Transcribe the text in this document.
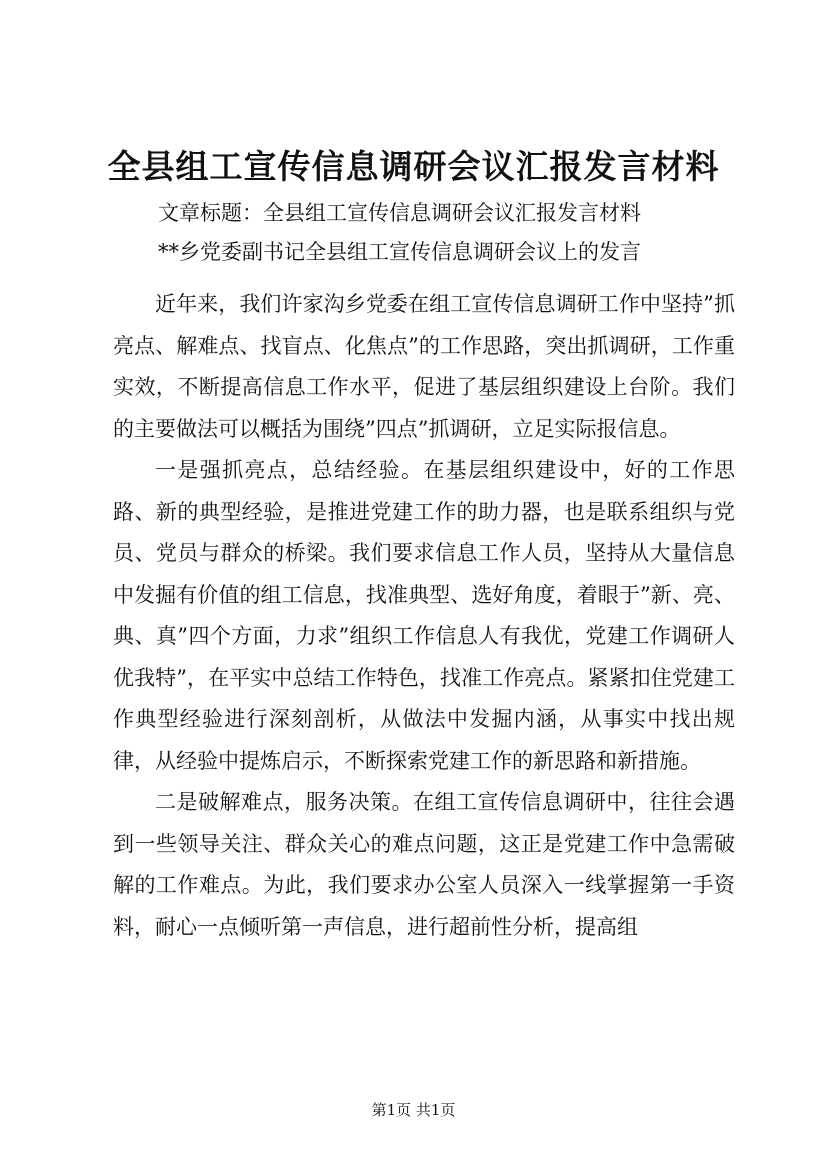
全县组工宣传信息调研会议汇报发言材料

文章标题：全县组工宣传信息调研会议汇报发言材料

**乡党委副书记全县组工宣传信息调研会议上的发言

近年来，我们许家沟乡党委在组工宣传信息调研工作中坚持”抓亮点、解难点、找盲点、化焦点”的工作思路，突出抓调研，工作重实效，不断提高信息工作水平，促进了基层组织建设上台阶。我们的主要做法可以概括为围绕”四点”抓调研，立足实际报信息。

一是强抓亮点，总结经验。在基层组织建设中，好的工作思路、新的典型经验，是推进党建工作的助力器，也是联系组织与党员、党员与群众的桥梁。我们要求信息工作人员，坚持从大量信息中发掘有价值的组工信息，找准典型、选好角度，着眼于”新、亮、典、真”四个方面，力求”组织工作信息人有我优，党建工作调研人优我特”，在平实中总结工作特色，找准工作亮点。紧紧扣住党建工作典型经验进行深刻剖析，从做法中发掘内涵，从事实中找出规律，从经验中提炼启示，不断探索党建工作的新思路和新措施。

二是破解难点，服务决策。在组工宣传信息调研中，往往会遇到一些领导关注、群众关心的难点问题，这正是党建工作中急需破解的工作难点。为此，我们要求办公室人员深入一线掌握第一手资料，耐心一点倾听第一声信息，进行超前性分析，提高组

第1页 共1页
